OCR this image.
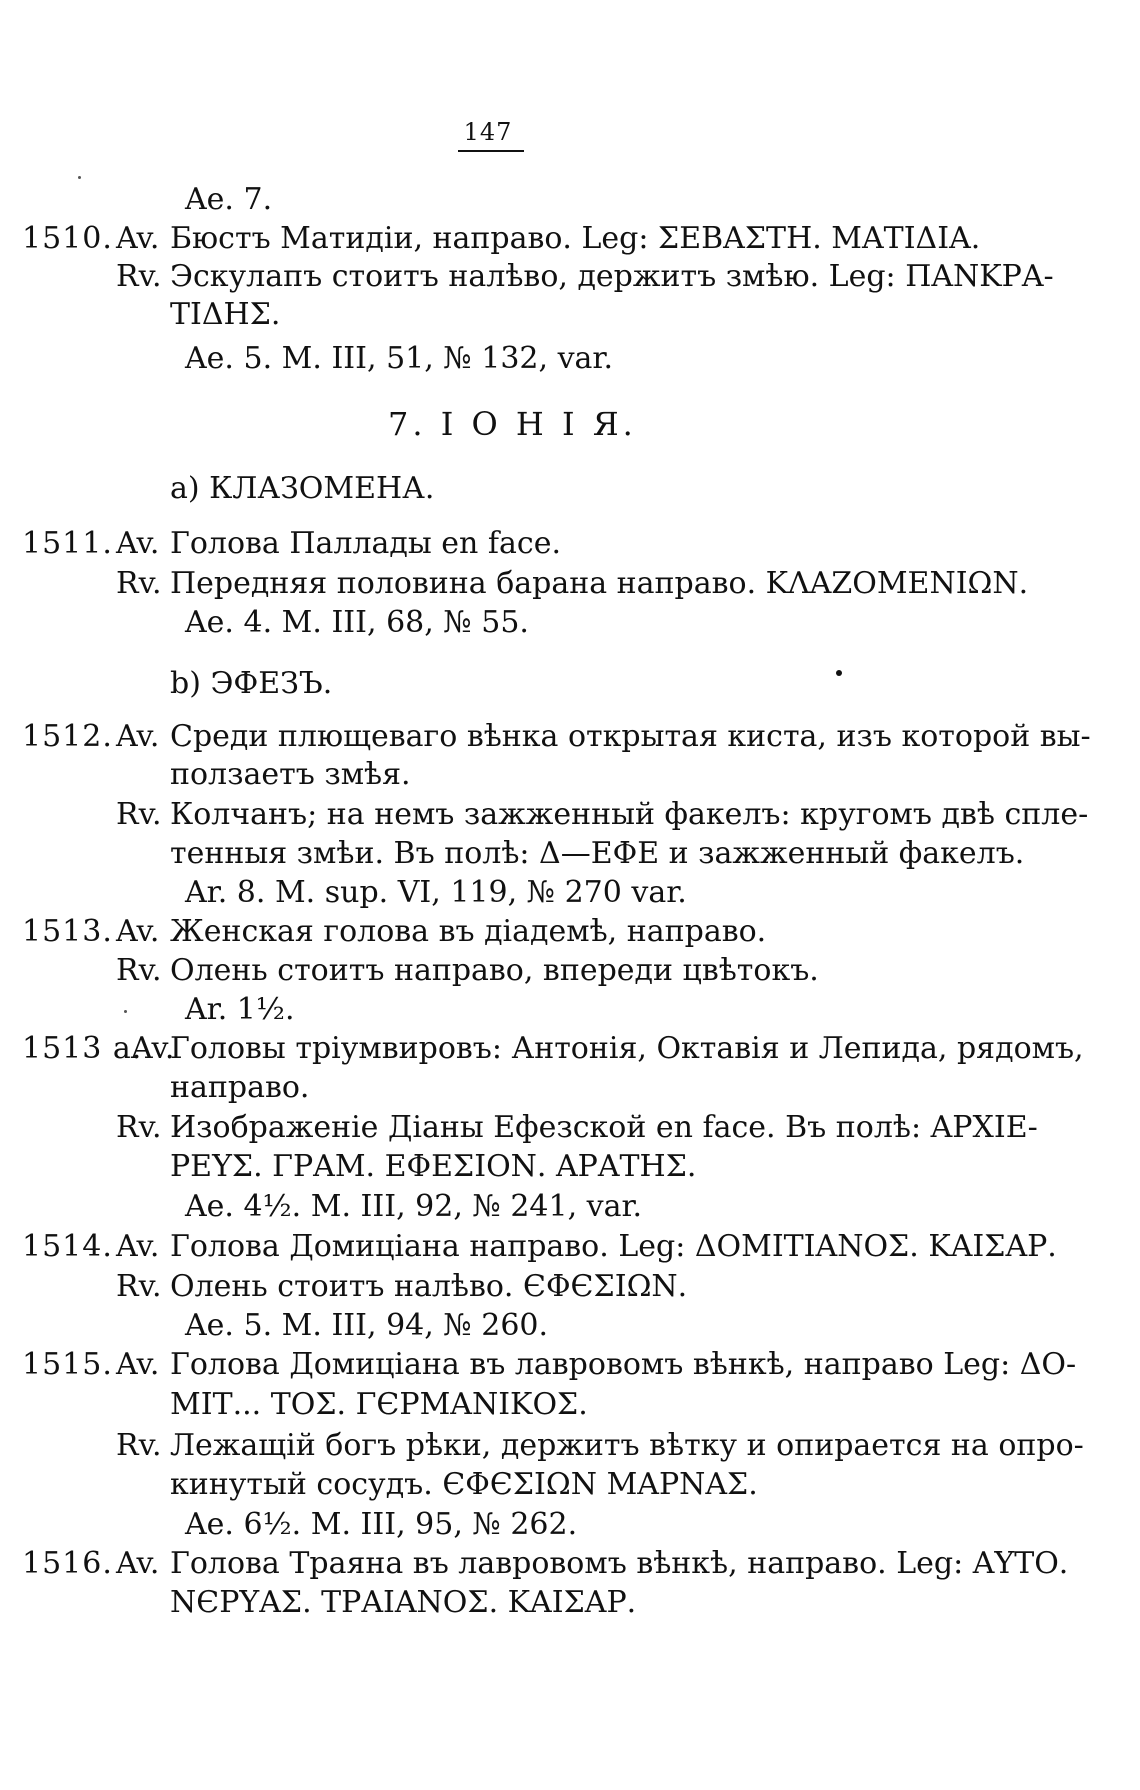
147
Ae. 7.
1510. Av. Бюстъ Матидіи, направо. Leg: ΣΕΒΑΣΤΗ. ΜΑΤΙΔΙΑ.
Rv. Эскулапъ стоитъ налѣво, держитъ змѣю. Leg: ΠΑΝΚΡΑ-
ΤΙΔΗΣ.
Ae. 5. M. III, 51, № 132, var.
7. I O H I Я.
a) КЛАЗОМЕНА.
1511. Av. Голова Паллады en face.
Rv. Передняя половина барана направо. ΚΛΑΖΟΜΕΝΙΩΝ.
Ae. 4. M. III, 68, № 55.
b) ЭФЕЗЪ.
1512. Av. Среди плющеваго вѣнка открытая киста, изъ которой вы-
ползаетъ змѣя.
Rv. Колчанъ; на немъ зажженный факелъ: кругомъ двѣ спле-
тенныя змѣи. Въ полѣ: Δ—ΕΦΕ и зажженный факелъ.
Ar. 8. M. sup. VI, 119, № 270 var.
1513. Av. Женская голова въ діадемѣ, направо.
Rv. Олень стоитъ направо, впереди цвѣтокъ.
Ar. 1½.
1513 a.
Av.
Головы тріумвировъ: Антонія, Октавія и Лепида, рядомъ,
направо.
Rv. Изображеніе Діаны Ефезской en face. Въ полѣ: ΑΡΧΙΕ-
ΡΕΥΣ. ΓΡΑΜ. ΕΦΕΣΙΟΝ. ΑΡΑΤΗΣ.
Ae. 4½. M. III, 92, № 241, var.
1514. Av. Голова Домиціана направо. Leg: ΔΟΜΙΤΙΑΝΟΣ. ΚΑΙΣΑΡ.
Rv. Олень стоитъ налѣво. ЄΦЄΣΙΩΝ.
Ae. 5. M. III, 94, № 260.
1515. Av. Голова Домиціана въ лавровомъ вѣнкѣ, направо Leg: ΔΟ-
ΜΙΤ... ΤΟΣ. ΓЄΡΜΑΝΙΚΟΣ.
Rv. Лежащій богъ рѣки, держитъ вѣтку и опирается на опро-
кинутый сосудъ. ЄΦЄΣΙΩΝ ΜΑΡΝΑΣ.
Ae. 6½. M. III, 95, № 262.
1516. Av. Голова Траяна въ лавровомъ вѣнкѣ, направо. Leg: ΑΥΤΟ.
ΝЄΡΥΑΣ. ΤΡΑΙΑΝΟΣ. ΚΑΙΣΑΡ.
